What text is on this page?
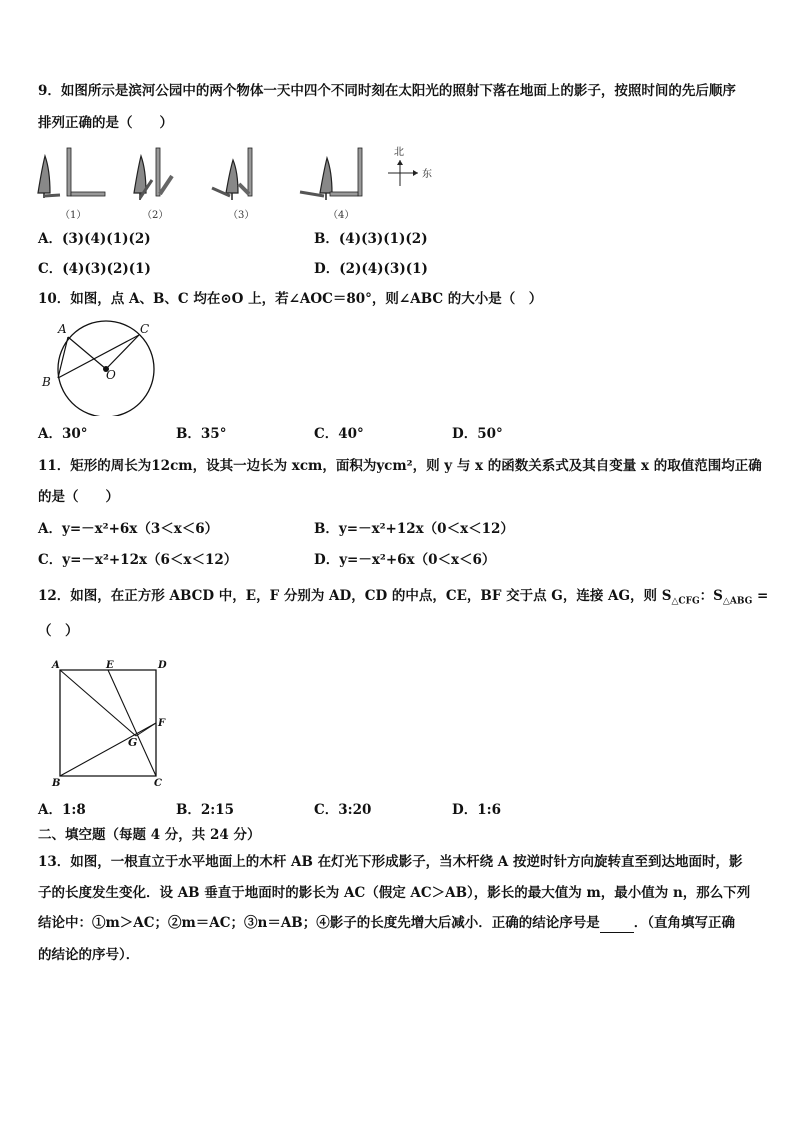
9．如图所示是滨河公园中的两个物体一天中四个不同时刻在太阳光的照射下落在地面上的影子，按照时间的先后顺序
排列正确的是（　　）
（1）	（2）	（3）	（4）
北
东
A．(3)(4)(1)(2)	B．(4)(3)(1)(2)
C．(4)(3)(2)(1)	D．(2)(4)(3)(1)
10．如图，点 A、B、C 均在⊙O 上，若∠AOC＝80°，则∠ABC 的大小是（　）
A	C
B	O
A．30°	B．35°	C．40°	D．50°
11．矩形的周长为12cm，设其一边长为 xcm，面积为ycm²，则 y 与 x 的函数关系式及其自变量 x 的取值范围均正确
的是（　　）
A．y=－x²+6x（3＜x＜6）	B．y=－x²+12x（0＜x＜12）
C．y=－x²+12x（6＜x＜12）	D．y=－x²+6x（0＜x＜6）
12．如图，在正方形 ABCD 中，E，F 分别为 AD，CD 的中点，CE，BF 交于点 G，连接 AG，则 $S_{\triangle CFG}$：$S_{\triangle ABG}$ =
（　）
A	E	D
F
G
B	C
A．1:8	B．2:15	C．3:20	D．1:6
二、填空题（每题 4 分，共 24 分）
13．如图，一根直立于水平地面上的木杆 AB 在灯光下形成影子，当木杆绕 A 按逆时针方向旋转直至到达地面时，影
子的长度发生变化．设 AB 垂直于地面时的影长为 AC（假定 AC＞AB），影长的最大值为 m，最小值为 n，那么下列
结论中：①m＞AC；②m＝AC；③n＝AB；④影子的长度先增大后减小．正确的结论序号是	．（直角填写正确
的结论的序号）．
